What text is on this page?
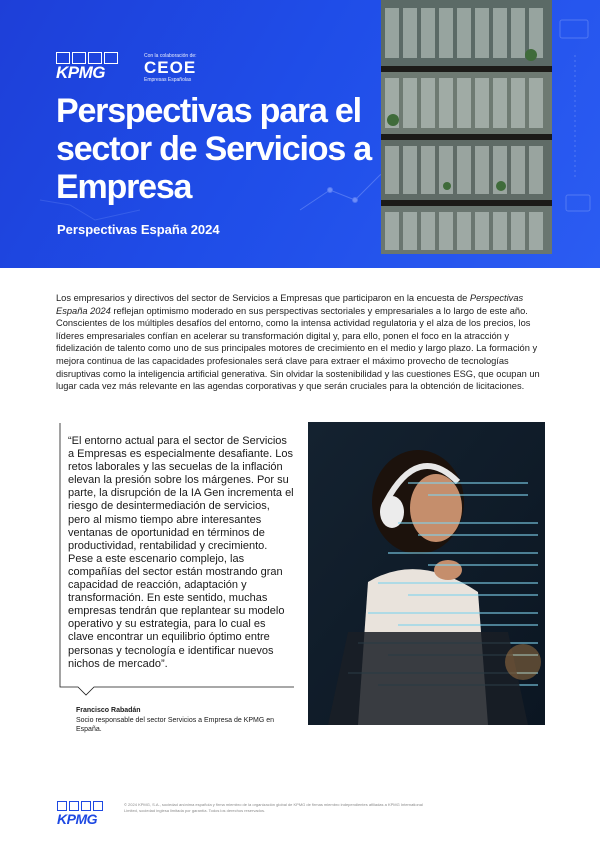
KPMG
Con la colaboración de:
CEOE
Empresas Españolas
Perspectivas para el sector de Servicios a Empresa
Perspectivas España 2024

Los empresarios y directivos del sector de Servicios a Empresas que participaron en la encuesta de Perspectivas España 2024 reflejan optimismo moderado en sus perspectivas sectoriales y empresariales a lo largo de este año. Conscientes de los múltiples desafíos del entorno, como la intensa actividad regulatoria y el alza de los precios, los líderes empresariales confían en acelerar su transformación digital y, para ello, ponen el foco en la atracción y fidelización de talento como uno de sus principales motores de crecimiento en el medio y largo plazo. La formación y mejora continua de las capacidades profesionales será clave para extraer el máximo provecho de tecnologías disruptivas como la inteligencia artificial generativa. Sin olvidar la sostenibilidad y las cuestiones ESG, que ocupan un lugar cada vez más relevante en las agendas corporativas y que serán cruciales para la obtención de licitaciones.

“El entorno actual para el sector de Servicios a Empresas es especialmente desafiante. Los retos laborales y las secuelas de la inflación elevan la presión sobre los márgenes. Por su parte, la disrupción de la IA Gen incrementa el riesgo de desintermediación de servicios, pero al mismo tiempo abre interesantes ventanas de oportunidad en términos de productividad, rentabilidad y crecimiento. Pese a este escenario complejo, las compañías del sector están mostrando gran capacidad de reacción, adaptación y transformación. En este sentido, muchas empresas tendrán que replantear su modelo operativo y su estrategia, para lo cual es clave encontrar un equilibrio óptimo entre personas y tecnología e identificar nuevos nichos de mercado”.

Francisco Rabadán
Socio responsable del sector Servicios a Empresa de KPMG en España.
KPMG

© 2024 KPMG, S.A., sociedad anónima española y firma miembro de la organización global de KPMG de firmas miembro independientes afiliadas a KPMG International Limited, sociedad inglesa limitada por garantía. Todos los derechos reservados.
